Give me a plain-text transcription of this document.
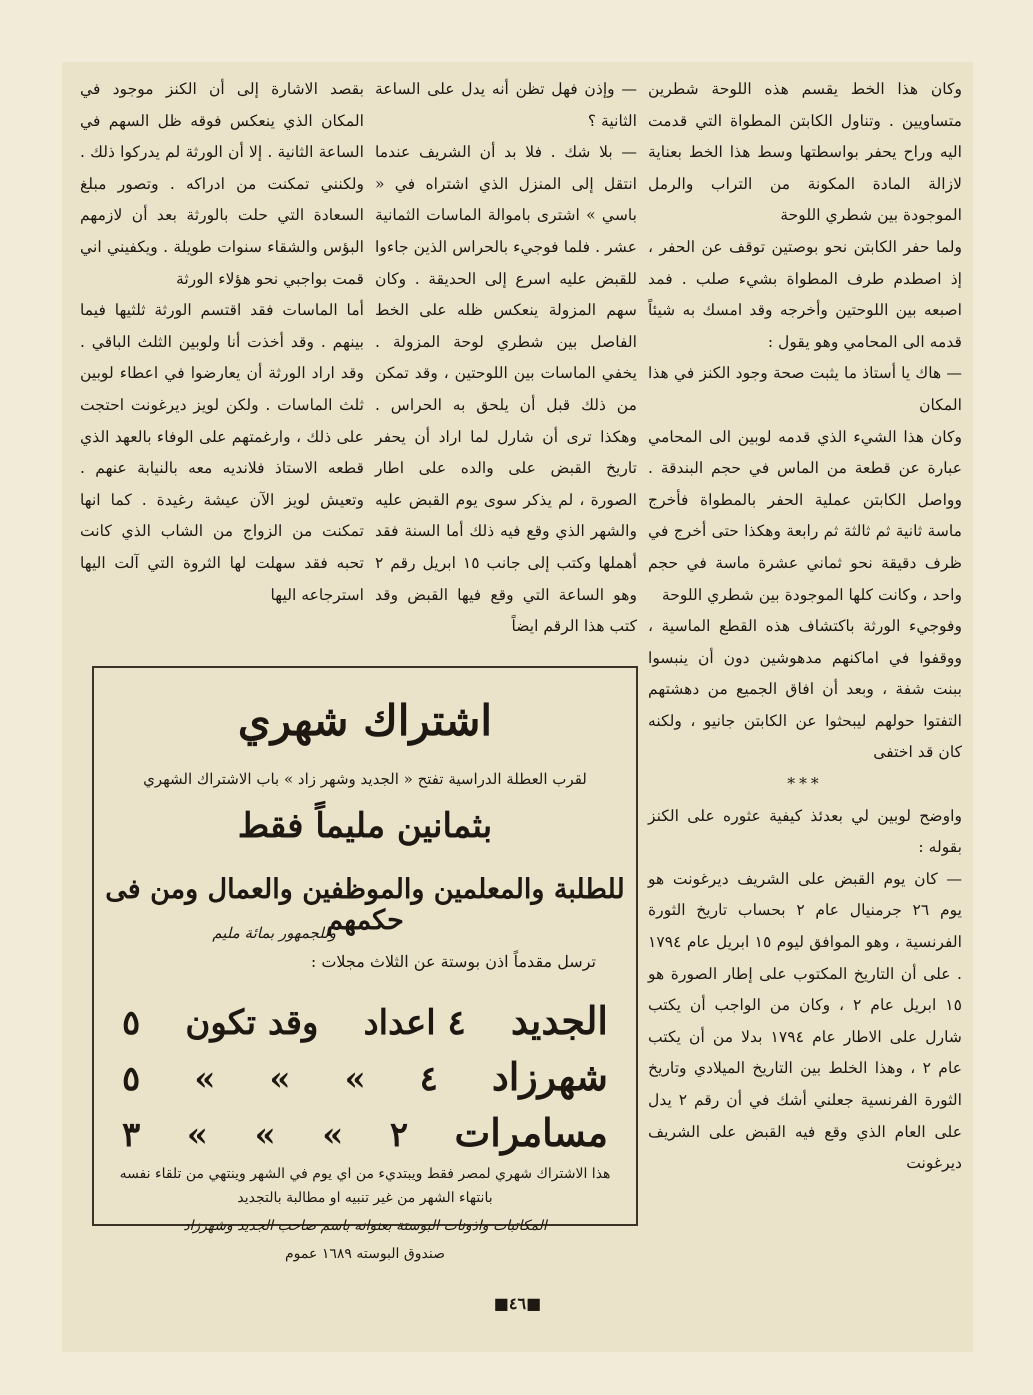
وكان هذا الخط يقسم هذه اللوحة شطرين متساويين . وتناول الكابتن المطواة التي قدمت اليه وراح يحفر بواسطتها وسط هذا الخط بعناية لازالة المادة المكونة من التراب والرمل الموجودة بين شطري اللوحة

ولما حفر الكابتن نحو بوصتين توقف عن الحفر ، إذ اصطدم طرف المطواة بشيء صلب . فمد اصبعه بين اللوحتين وأخرجه وقد امسك به شيئاً قدمه الى المحامي وهو يقول :

— هاك يا أستاذ ما يثبت صحة وجود الكنز في هذا المكان

وكان هذا الشيء الذي قدمه لوبين الى المحامي عبارة عن قطعة من الماس في حجم البندقة . وواصل الكابتن عملية الحفر بالمطواة فأخرج ماسة ثانية ثم ثالثة ثم رابعة وهكذا حتى أخرج في ظرف دقيقة نحو ثماني عشرة ماسة في حجم واحد ، وكانت كلها الموجودة بين شطري اللوحة

وفوجيء الورثة باكتشاف هذه القطع الماسية ، ووقفوا في اماكنهم مدهوشين دون أن ينبسوا ببنت شفة ، وبعد أن افاق الجميع من دهشتهم التفتوا حولهم ليبحثوا عن الكابتن جانيو ، ولكنه كان قد اختفى

***

واوضح لوبين لي بعدئذ كيفية عثوره على الكنز بقوله :

— كان يوم القبض على الشريف ديرغونت هو يوم ٢٦ جرمنيال عام ٢ بحساب تاريخ الثورة الفرنسية ، وهو الموافق ليوم ١٥ ابريل عام ١٧٩٤ . على أن التاريخ المكتوب على إطار الصورة هو ١٥ ابريل عام ٢ ، وكان من الواجب أن يكتب شارل على الاطار عام ١٧٩٤ بدلا من أن يكتب عام ٢ ، وهذا الخلط بين التاريخ الميلادي وتاريخ الثورة الفرنسية جعلني أشك في أن رقم ٢ يدل على العام الذي وقع فيه القبض على الشريف ديرغونت

— وإذن فهل تظن أنه يدل على الساعة الثانية ؟

— بلا شك . فلا بد أن الشريف عندما انتقل إلى المنزل الذي اشتراه في « باسي » اشترى باموالة الماسات الثمانية عشر . فلما فوجيء بالحراس الذين جاءوا للقبض عليه اسرع إلى الحديقة . وكان سهم المزولة ينعكس ظله على الخط الفاصل بين شطري لوحة المزولة . يخفي الماسات بين اللوحتين ، وقد تمكن من ذلك قبل أن يلحق به الحراس . وهكذا ترى أن شارل لما اراد أن يحفر تاريخ القبض على والده على اطار الصورة ، لم يذكر سوى يوم القبض عليه والشهر الذي وقع فيه ذلك أما السنة فقد أهملها وكتب إلى جانب ١٥ ابريل رقم ٢ وهو الساعة التي وقع فيها القبض وقد كتب هذا الرقم ايضاً

بقصد الاشارة إلى أن الكنز موجود في المكان الذي ينعكس فوقه ظل السهم في الساعة الثانية . إلا أن الورثة لم يدركوا ذلك . ولكنني تمكنت من ادراكه . وتصور مبلغ السعادة التي حلت بالورثة بعد أن لازمهم البؤس والشقاء سنوات طويلة . ويكفيني اني قمت بواجبي نحو هؤلاء الورثة

أما الماسات فقد اقتسم الورثة ثلثيها فيما بينهم . وقد أخذت أنا ولوبين الثلث الباقي . وقد اراد الورثة أن يعارضوا في اعطاء لوبين ثلث الماسات . ولكن لويز ديرغونت احتجت على ذلك ، وارغمتهم على الوفاء بالعهد الذي قطعه الاستاذ فلانديه معه بالنيابة عنهم . وتعيش لويز الآن عيشة رغيدة . كما انها تمكنت من الزواج من الشاب الذي كانت تحبه فقد سهلت لها الثروة التي آلت اليها استرجاعه اليها

اشتراك شهري
لقرب العطلة الدراسية تفتح « الجديد وشهر زاد » باب الاشتراك الشهري
بثمانين مليماً فقط
للطلبة والمعلمين والموظفين والعمال ومن فى حكمهم
وللجمهور بمائة مليم
ترسل مقدماً اذن بوستة عن الثلاث مجلات :
الجديد
٤ اعداد
وقد تكون
٥
شهرزاد
٤
»
»
»
٥
مسامرات
٢
»
»
»
٣
هذا الاشتراك شهري لمصر فقط ويبتديء من اي يوم في الشهر وينتهي من تلقاء نفسه بانتهاء الشهر من غير تنبيه او مطالبة بالتجديد
المكاتبات واذونات البوستة بعنوانه باسم صاحب الجديد وشهرزاد
صندوق البوسته ١٦٨٩ عموم
■٤٦■
